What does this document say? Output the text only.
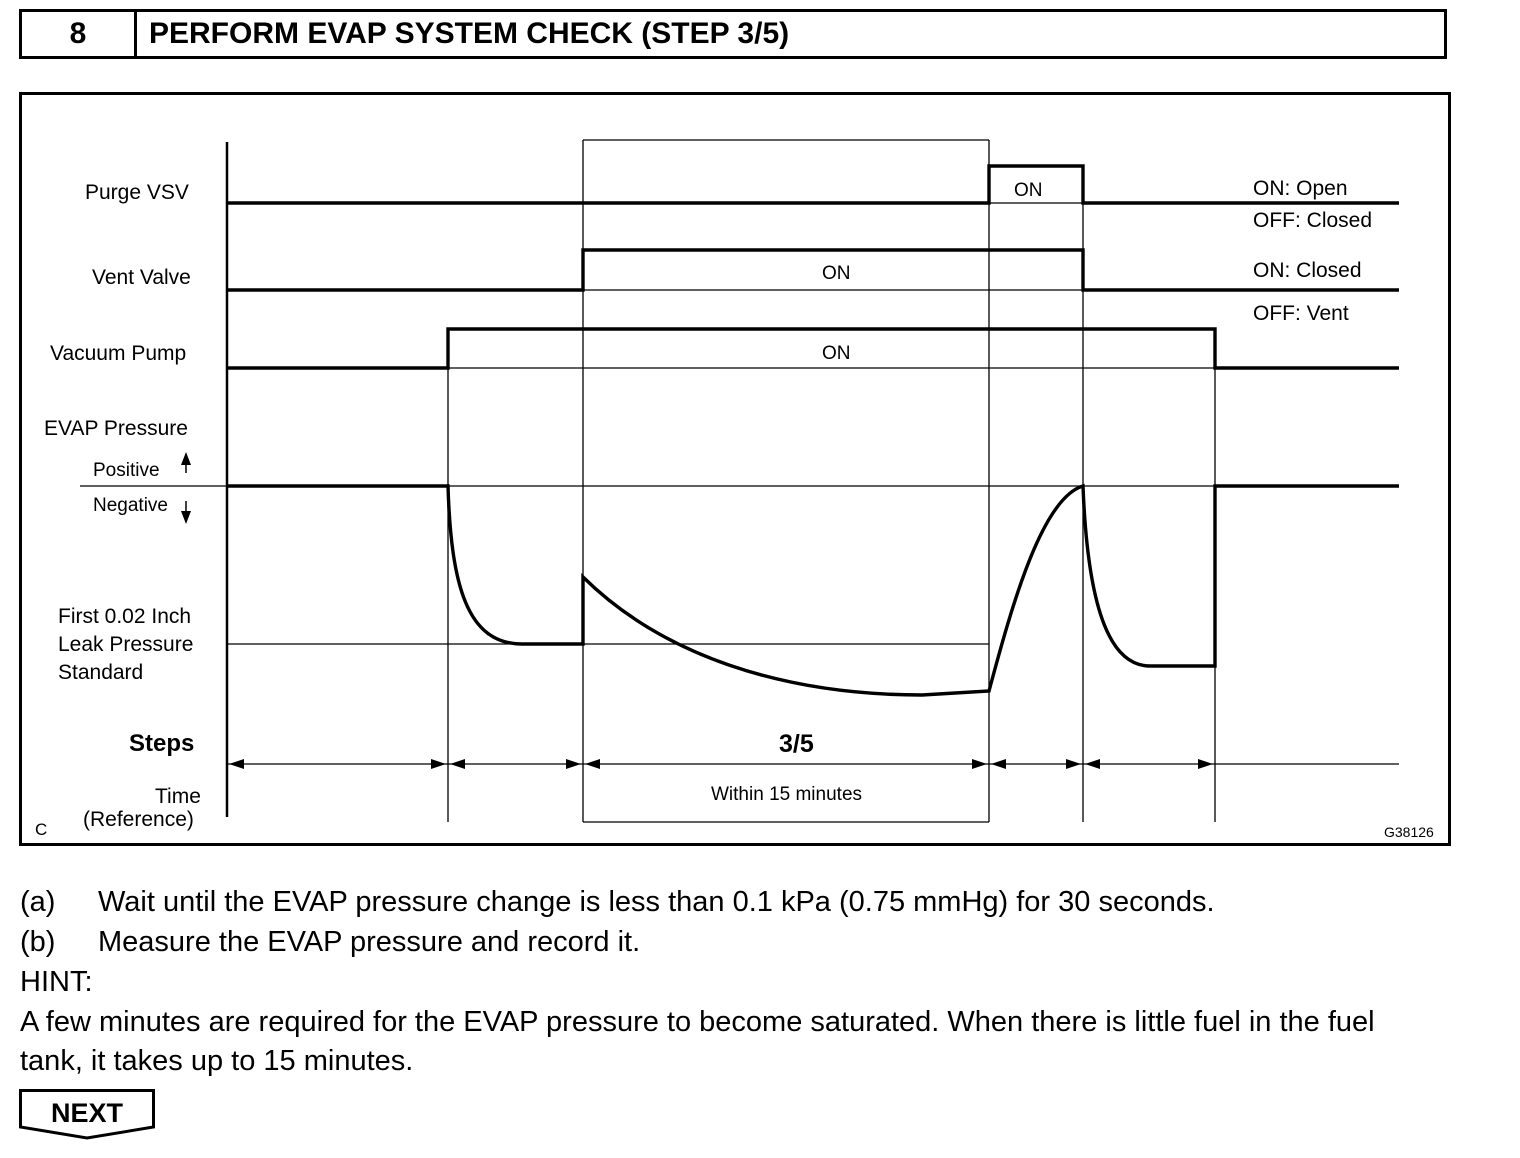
8	PERFORM EVAP SYSTEM CHECK (STEP 3/5)
Purge VSV
Vent Valve
Vacuum Pump
EVAP Pressure
Positive
Negative
First 0.02 Inch
Leak Pressure
Standard
Steps
Time
(Reference)
ON
ON
ON
ON: Open
OFF: Closed
ON: Closed
OFF: Vent
3/5
Within 15 minutes
C	G38126
(a) Wait until the EVAP pressure change is less than 0.1 kPa (0.75 mmHg) for 30 seconds.
(b) Measure the EVAP pressure and record it.
HINT:
A few minutes are required for the EVAP pressure to become saturated. When there is little fuel in the fuel
tank, it takes up to 15 minutes.
NEXT
